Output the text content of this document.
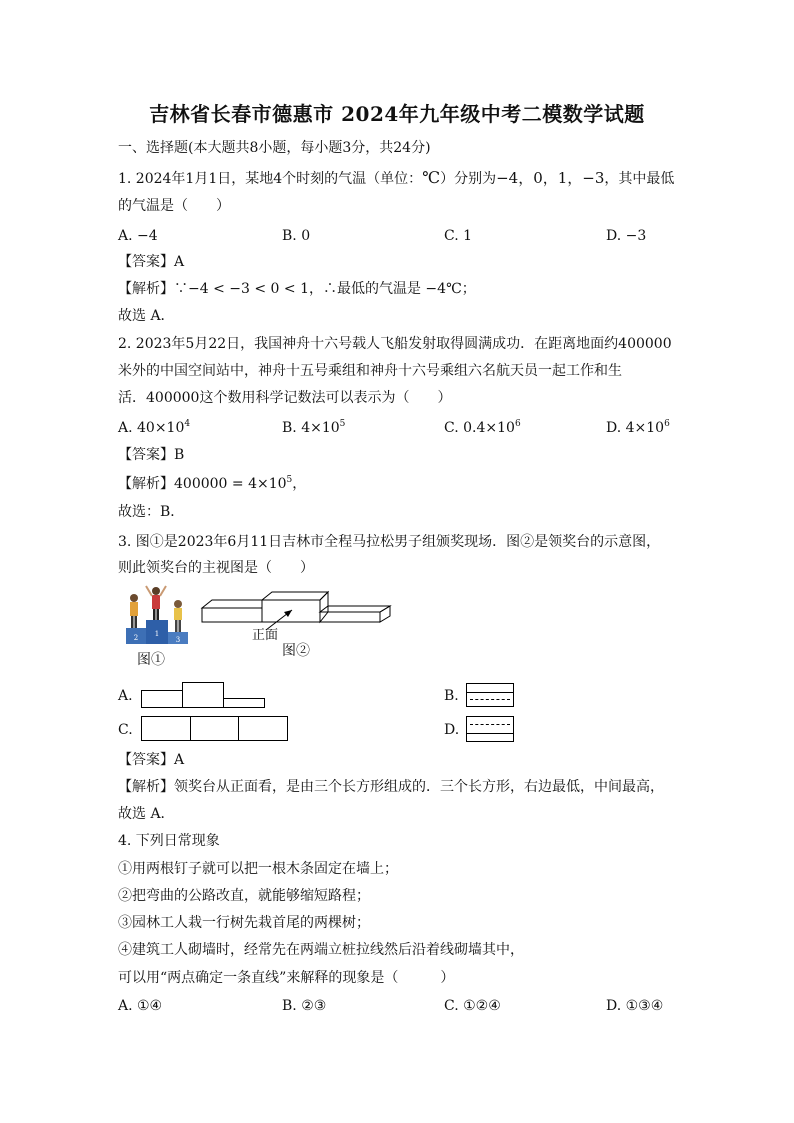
吉林省长春市德惠市 2024年九年级中考二模数学试题
一、选择题(本大题共8小题，每小题3分，共24分)
1. 2024年1月1日，某地4个时刻的气温（单位：℃）分别为−4，0，1，−3，其中最低
的气温是（　　）
A. −4	B. 0	C. 1	D. −3
【答案】A
【解析】∵−4 < −3 < 0 < 1，∴最低的气温是 −4℃；
故选 A．
2. 2023年5月22日，我国神舟十六号载人飞船发射取得圆满成功．在距离地面约400000
米外的中国空间站中，神舟十五号乘组和神舟十六号乘组六名航天员一起工作和生
活．400000这个数用科学记数法可以表示为（　　）
A. $40\times 10^4$	B. $4\times 10^5$	C. $0.4\times 10^6$	D. $4\times 10^6$
【答案】B
【解析】$400000 = 4\times 10^5$，
故选：B．
3. 图①是2023年6月11日吉林市全程马拉松男子组颁奖现场．图②是领奖台的示意图，
则此领奖台的主视图是（　　）
2 1
3
图①
正面
图②
A.	B.
C.	D.
【答案】A
【解析】领奖台从正面看，是由三个长方形组成的．三个长方形，右边最低，中间最高，
故选 A．
4. 下列日常现象
①用两根钉子就可以把一根木条固定在墙上；
②把弯曲的公路改直，就能够缩短路程；
③园林工人栽一行树先栽首尾的两棵树；
④建筑工人砌墙时，经常先在两端立桩拉线然后沿着线砌墙其中，
可以用“两点确定一条直线”来解释的现象是（　　　）
A. ①④	B. ②③	C. ①②④	D. ①③④
